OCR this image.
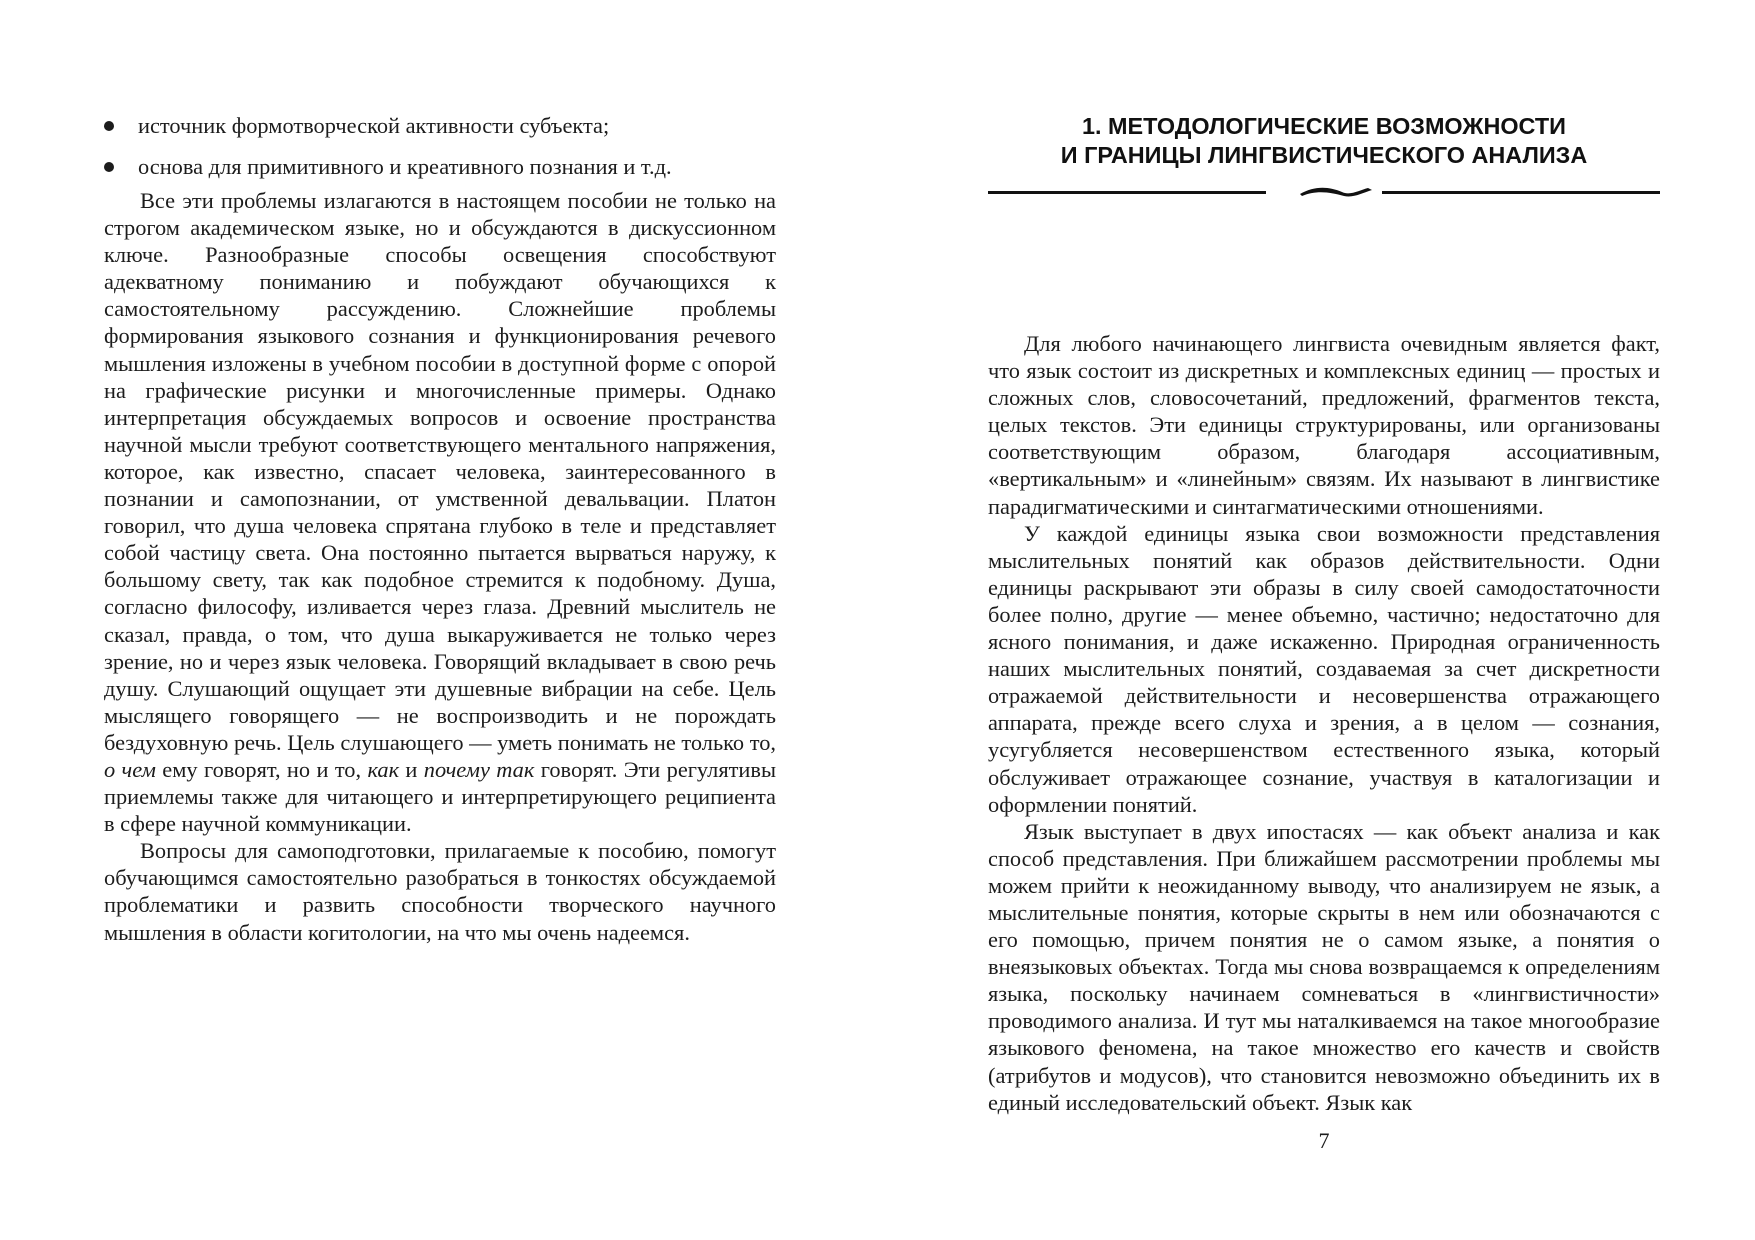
источник формотворческой активности субъекта;
основа для примитивного и креативного познания и т.д.

Все эти проблемы излагаются в настоящем пособии не только на строгом академическом языке, но и обсуждаются в дискуссионном ключе. Разнообразные способы освещения способствуют адекватному пониманию и побуждают обучающихся к самостоятельному рассуждению. Сложнейшие проблемы формирования языкового сознания и функционирования речевого мышления изложены в учебном пособии в доступной форме с опорой на графические рисунки и многочисленные примеры. Однако интерпретация обсуждаемых вопросов и освоение пространства научной мысли требуют соответствующего ментального напряжения, которое, как известно, спасает человека, заинтересованного в познании и самопознании, от умственной девальвации. Платон говорил, что душа человека спрятана глубоко в теле и представляет собой частицу света. Она постоянно пытается вырваться наружу, к большому свету, так как подобное стремится к подобному. Душа, согласно философу, изливается через глаза. Древний мыслитель не сказал, правда, о том, что душа выкаруживается не только через зрение, но и через язык человека. Говорящий вкладывает в свою речь душу. Слушающий ощущает эти душевные вибрации на себе. Цель мыслящего говорящего — не воспроизводить и не порождать бездуховную речь. Цель слушающего — уметь понимать не только то, о чем ему говорят, но и то, как и почему так говорят. Эти регулятивы приемлемы также для читающего и интерпретирующего реципиента в сфере научной коммуникации.

Вопросы для самоподготовки, прилагаемые к пособию, помогут обучающимся самостоятельно разобраться в тонкостях обсуждаемой проблематики и развить способности творческого научного мышления в области когитологии, на что мы очень надеемся.

1. МЕТОДОЛОГИЧЕСКИЕ ВОЗМОЖНОСТИ
И ГРАНИЦЫ ЛИНГВИСТИЧЕСКОГО АНАЛИЗА

Для любого начинающего лингвиста очевидным является факт, что язык состоит из дискретных и комплексных единиц — простых и сложных слов, словосочетаний, предложений, фрагментов текста, целых текстов. Эти единицы структурированы, или организованы соответствующим образом, благодаря ассоциативным, «вертикальным» и «линейным» связям. Их называют в лингвистике парадигматическими и синтагматическими отношениями.

У каждой единицы языка свои возможности представления мыслительных понятий как образов действительности. Одни единицы раскрывают эти образы в силу своей самодостаточности более полно, другие — менее объемно, частично; недостаточно для ясного понимания, и даже искаженно. Природная ограниченность наших мыслительных понятий, создаваемая за счет дискретности отражаемой действительности и несовершенства отражающего аппарата, прежде всего слуха и зрения, а в целом — сознания, усугубляется несовершенством естественного языка, который обслуживает отражающее сознание, участвуя в каталогизации и оформлении понятий.

Язык выступает в двух ипостасях — как объект анализа и как способ представления. При ближайшем рассмотрении проблемы мы можем прийти к неожиданному выводу, что анализируем не язык, а мыслительные понятия, которые скрыты в нем или обозначаются с его помощью, причем понятия не о самом языке, а понятия о внеязыковых объектах. Тогда мы снова возвращаемся к определениям языка, поскольку начинаем сомневаться в «лингвистичности» проводимого анализа. И тут мы наталкиваемся на такое многообразие языкового феномена, на такое множество его качеств и свойств (атрибутов и модусов), что становится невозможно объединить их в единый исследовательский объект. Язык как

7
